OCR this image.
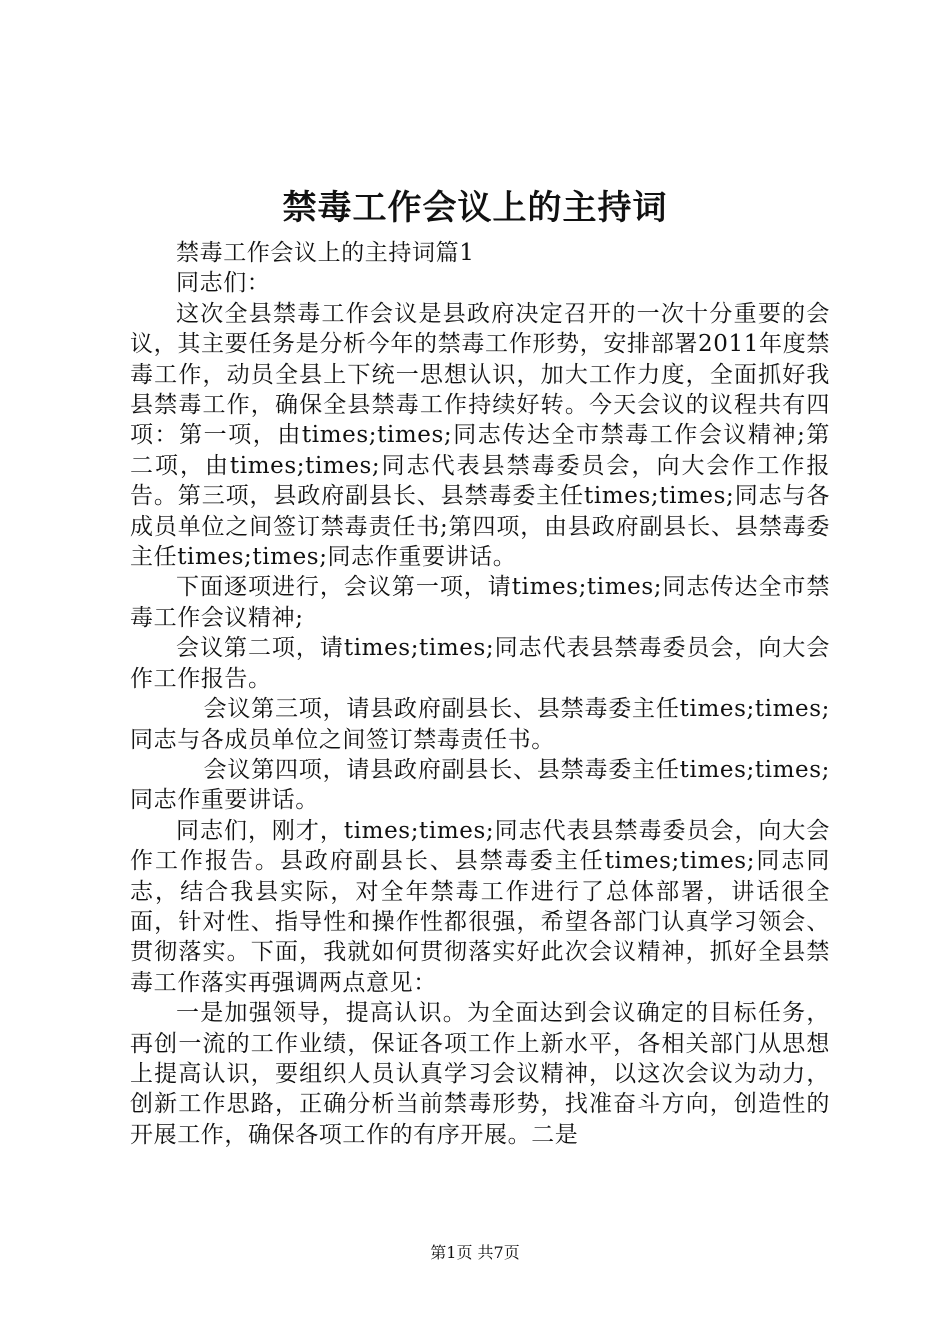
禁毒工作会议上的主持词

禁毒工作会议上的主持词篇1

同志们：

这次全县禁毒工作会议是县政府决定召开的一次十分重要的会议，其主要任务是分析今年的禁毒工作形势，安排部署2011年度禁毒工作，动员全县上下统一思想认识，加大工作力度，全面抓好我县禁毒工作，确保全县禁毒工作持续好转。今天会议的议程共有四项：第一项，由times;times;同志传达全市禁毒工作会议精神;第二项，由times;times;同志代表县禁毒委员会，向大会作工作报告。第三项，县政府副县长、县禁毒委主任times;times;同志与各成员单位之间签订禁毒责任书;第四项，由县政府副县长、县禁毒委主任times;times;同志作重要讲话。

下面逐项进行，会议第一项，请times;times;同志传达全市禁毒工作会议精神;

会议第二项，请times;times;同志代表县禁毒委员会，向大会作工作报告。

会议第三项，请县政府副县长、县禁毒委主任times;times;同志与各成员单位之间签订禁毒责任书。

会议第四项，请县政府副县长、县禁毒委主任times;times;同志作重要讲话。

同志们，刚才，times;times;同志代表县禁毒委员会，向大会作工作报告。县政府副县长、县禁毒委主任times;times;同志同志，结合我县实际，对全年禁毒工作进行了总体部署，讲话很全面，针对性、指导性和操作性都很强，希望各部门认真学习领会、贯彻落实。下面，我就如何贯彻落实好此次会议精神，抓好全县禁毒工作落实再强调两点意见：

一是加强领导，提高认识。为全面达到会议确定的目标任务，再创一流的工作业绩，保证各项工作上新水平，各相关部门从思想上提高认识，要组织人员认真学习会议精神，以这次会议为动力，创新工作思路，正确分析当前禁毒形势，找准奋斗方向，创造性的开展工作，确保各项工作的有序开展。二是

第1页 共7页
